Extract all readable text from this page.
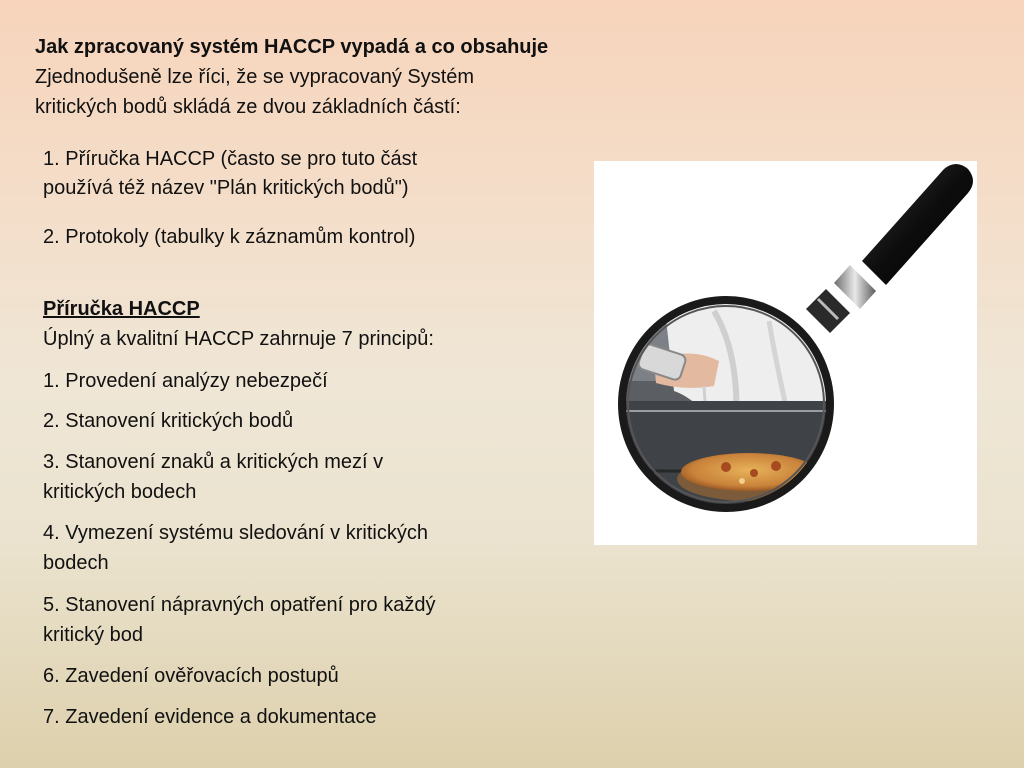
Jak zpracovaný systém HACCP vypadá a co obsahuje
Zjednodušeně lze říci, že se vypracovaný Systém
kritických bodů skládá ze dvou základních částí:
1. Příručka HACCP (často se pro tuto část
používá též název "Plán kritických bodů")
2. Protokoly (tabulky k záznamům kontrol)
Příručka HACCP
Úplný a kvalitní HACCP zahrnuje 7 principů:
1. Provedení analýzy nebezpečí
2. Stanovení kritických bodů
3. Stanovení znaků a kritických mezí v
kritických bodech
4. Vymezení systému sledování v kritických
bodech
5. Stanovení nápravných opatření pro každý
kritický bod
6. Zavedení ověřovacích postupů
7. Zavedení evidence a dokumentace
